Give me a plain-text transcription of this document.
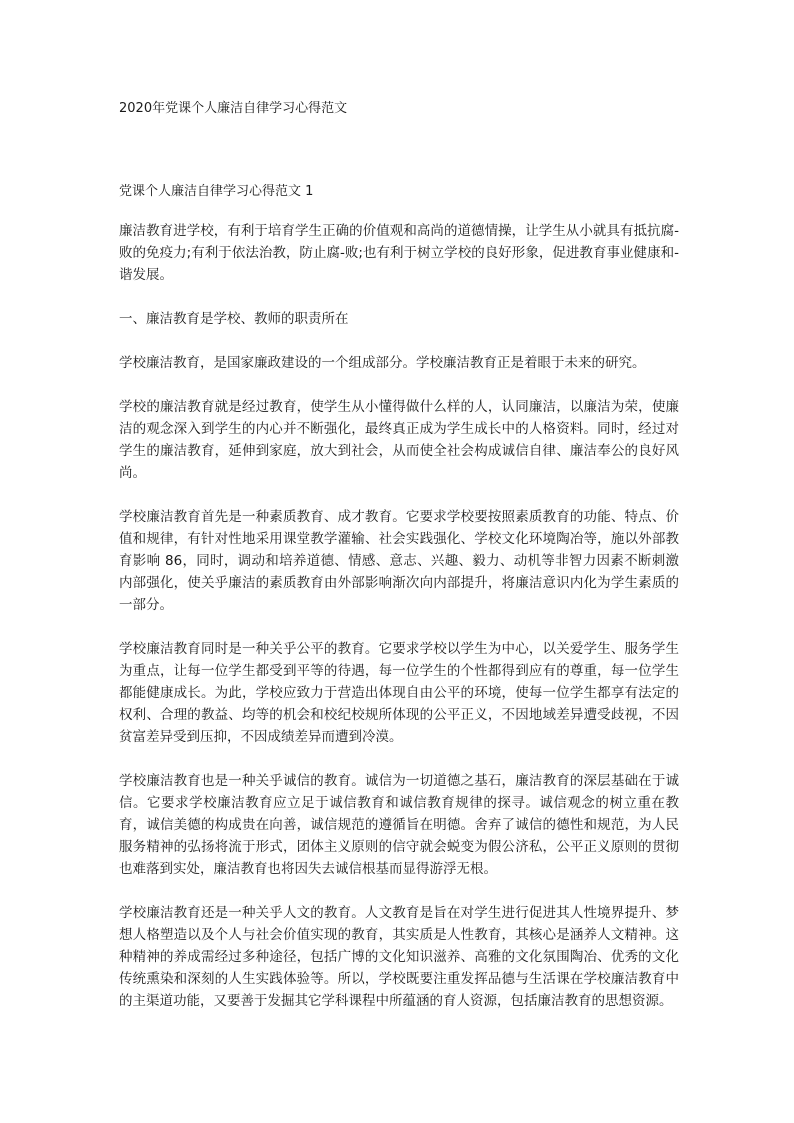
2020年党课个人廉洁自律学习心得范文
党课个人廉洁自律学习心得范文 1

廉洁教育进学校，有利于培育学生正确的价值观和高尚的道德情操，让学生从小就具有抵抗腐-败的免疫力;有利于依法治教，防止腐-败;也有利于树立学校的良好形象，促进教育事业健康和-谐发展。

一、廉洁教育是学校、教师的职责所在

学校廉洁教育，是国家廉政建设的一个组成部分。学校廉洁教育正是着眼于未来的研究。

学校的廉洁教育就是经过教育，使学生从小懂得做什么样的人，认同廉洁，以廉洁为荣，使廉洁的观念深入到学生的内心并不断强化，最终真正成为学生成长中的人格资料。同时，经过对学生的廉洁教育，延伸到家庭，放大到社会，从而使全社会构成诚信自律、廉洁奉公的良好风尚。

学校廉洁教育首先是一种素质教育、成才教育。它要求学校要按照素质教育的功能、特点、价值和规律，有针对性地采用课堂教学灌输、社会实践强化、学校文化环境陶冶等，施以外部教育影响 86，同时，调动和培养道德、情感、意志、兴趣、毅力、动机等非智力因素不断刺激内部强化，使关乎廉洁的素质教育由外部影响渐次向内部提升，将廉洁意识内化为学生素质的一部分。

学校廉洁教育同时是一种关乎公平的教育。它要求学校以学生为中心，以关爱学生、服务学生为重点，让每一位学生都受到平等的待遇，每一位学生的个性都得到应有的尊重，每一位学生都能健康成长。为此，学校应致力于营造出体现自由公平的环境，使每一位学生都享有法定的权利、合理的教益、均等的机会和校纪校规所体现的公平正义，不因地域差异遭受歧视，不因贫富差异受到压抑，不因成绩差异而遭到冷漠。

学校廉洁教育也是一种关乎诚信的教育。诚信为一切道德之基石，廉洁教育的深层基础在于诚信。它要求学校廉洁教育应立足于诚信教育和诚信教育规律的探寻。诚信观念的树立重在教育，诚信美德的构成贵在向善，诚信规范的遵循旨在明德。舍弃了诚信的德性和规范，为人民服务精神的弘扬将流于形式，团体主义原则的信守就会蜕变为假公济私，公平正义原则的贯彻也难落到实处，廉洁教育也将因失去诚信根基而显得游浮无根。

学校廉洁教育还是一种关乎人文的教育。人文教育是旨在对学生进行促进其人性境界提升、梦想人格塑造以及个人与社会价值实现的教育，其实质是人性教育，其核心是涵养人文精神。这种精神的养成需经过多种途径，包括广博的文化知识滋养、高雅的文化氛围陶冶、优秀的文化传统熏染和深刻的人生实践体验等。所以，学校既要注重发挥品德与生活课在学校廉洁教育中的主渠道功能，又要善于发掘其它学科课程中所蕴涵的育人资源，包括廉洁教育的思想资源。
